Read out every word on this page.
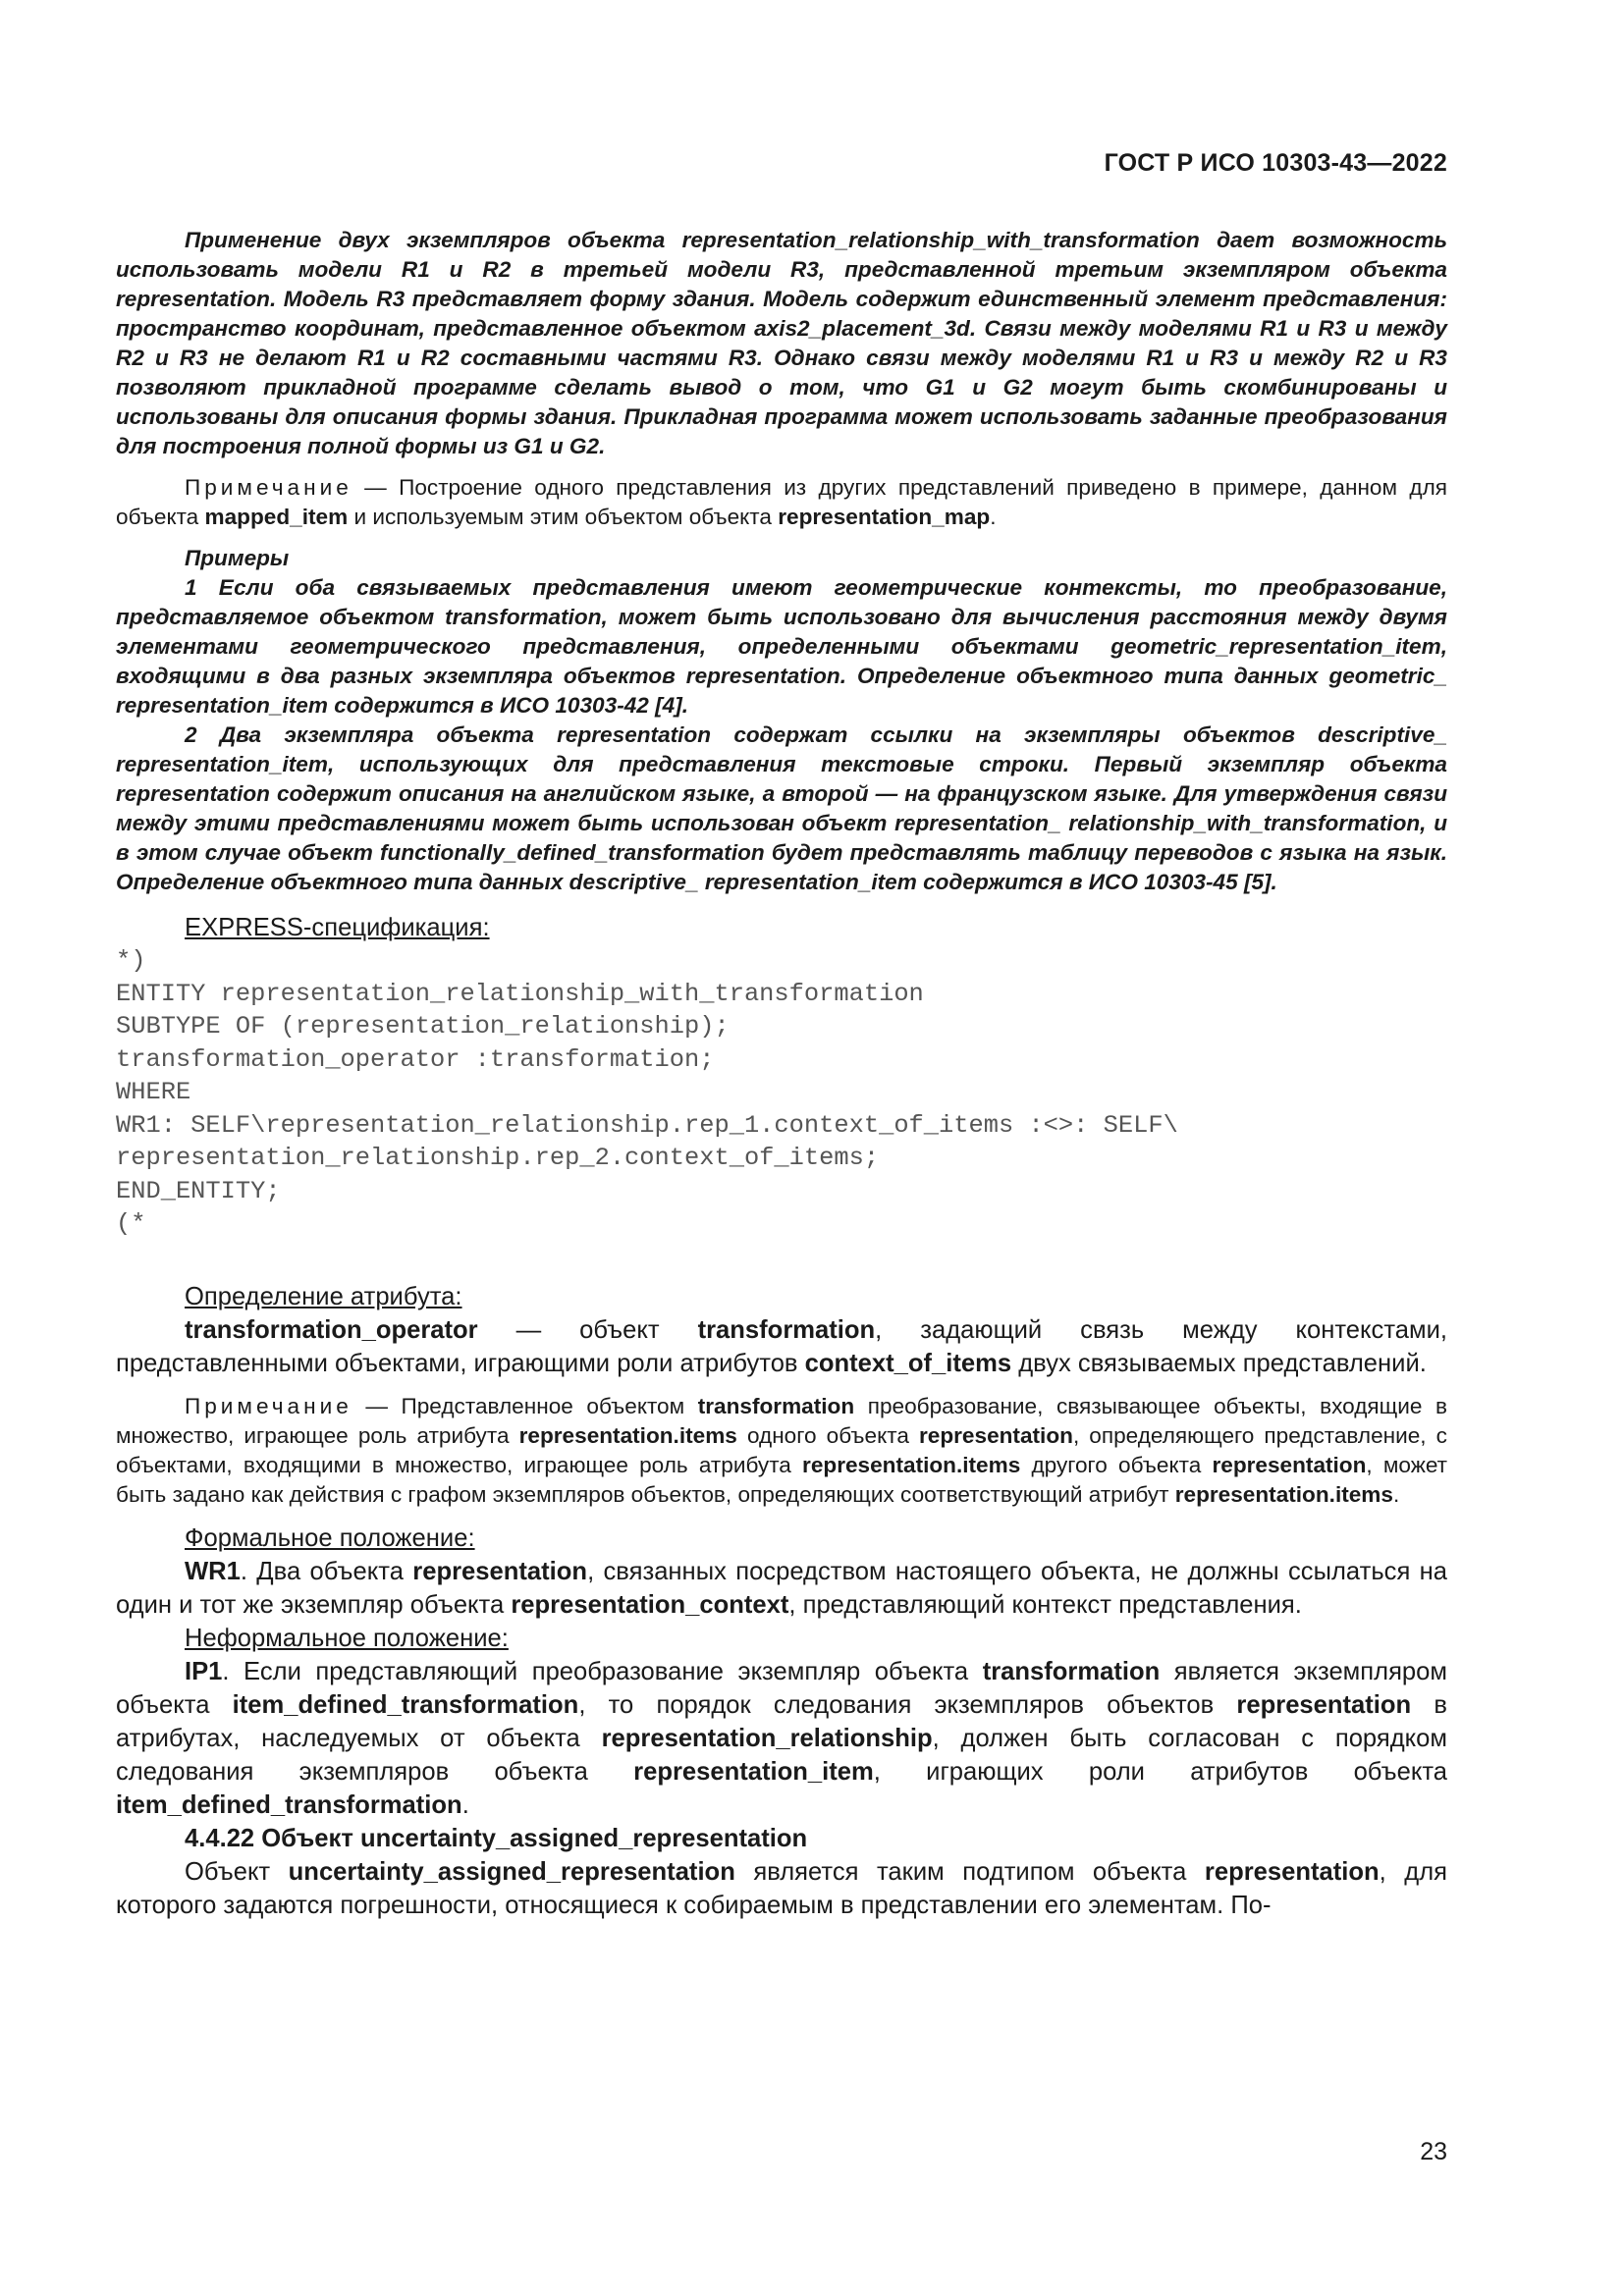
ГОСТ Р ИСО 10303-43—2022

Применение двух экземпляров объекта representation_relationship_with_transformation дает возможность использовать модели R1 и R2 в третьей модели R3, представленной третьим экземпляром объекта representation. Модель R3 представляет форму здания. Модель содержит единственный элемент представления: пространство координат, представленное объектом axis2_placement_3d. Связи между моделями R1 и R3 и между R2 и R3 не делают R1 и R2 составными частями R3. Однако связи между моделями R1 и R3 и между R2 и R3 позволяют прикладной программе сделать вывод о том, что G1 и G2 могут быть скомбинированы и использованы для описания формы здания. Прикладная программа может использовать заданные преобразования для построения полной формы из G1 и G2.

Примечание — Построение одного представления из других представлений приведено в примере, данном для объекта mapped_item и используемым этим объектом объекта representation_map.

Примеры

1 Если оба связываемых представления имеют геометрические контексты, то преобразование, представляемое объектом transformation, может быть использовано для вычисления расстояния между двумя элементами геометрического представления, определенными объектами geometric_representation_item, входящими в два разных экземпляра объектов representation. Определение объектного типа данных geometric_ representation_item содержится в ИСО 10303-42 [4].

2 Два экземпляра объекта representation содержат ссылки на экземпляры объектов descriptive_ representation_item, использующих для представления текстовые строки. Первый экземпляр объекта representation содержит описания на английском языке, а второй — на французском языке. Для утверждения связи между этими представлениями может быть использован объект representation_ relationship_with_transformation, и в этом случае объект functionally_defined_transformation будет представлять таблицу переводов с языка на язык. Определение объектного типа данных descriptive_ representation_item содержится в ИСО 10303-45 [5].

EXPRESS-спецификация:

*)
ENTITY representation_relationship_with_transformation
SUBTYPE OF (representation_relationship);
transformation_operator :transformation;
WHERE
WR1: SELF\representation_relationship.rep_1.context_of_items :<>: SELF\
representation_relationship.rep_2.context_of_items;
END_ENTITY;
(*

Определение атрибута:

transformation_operator — объект transformation, задающий связь между контекстами, представленными объектами, играющими роли атрибутов context_of_items двух связываемых представлений.

Примечание — Представленное объектом transformation преобразование, связывающее объекты, входящие в множество, играющее роль атрибута representation.items одного объекта representation, определяющего представление, с объектами, входящими в множество, играющее роль атрибута representation.items другого объекта representation, может быть задано как действия с графом экземпляров объектов, определяющих соответствующий атрибут representation.items.

Формальное положение:

WR1. Два объекта representation, связанных посредством настоящего объекта, не должны ссылаться на один и тот же экземпляр объекта representation_context, представляющий контекст представления.

Неформальное положение:

IP1. Если представляющий преобразование экземпляр объекта transformation является экземпляром объекта item_defined_transformation, то порядок следования экземпляров объектов representation в атрибутах, наследуемых от объекта representation_relationship, должен быть согласован с порядком следования экземпляров объекта representation_item, играющих роли атрибутов объекта item_defined_transformation.

4.4.22 Объект uncertainty_assigned_representation

Объект uncertainty_assigned_representation является таким подтипом объекта representation, для которого задаются погрешности, относящиеся к собираемым в представлении его элементам. По-

23
